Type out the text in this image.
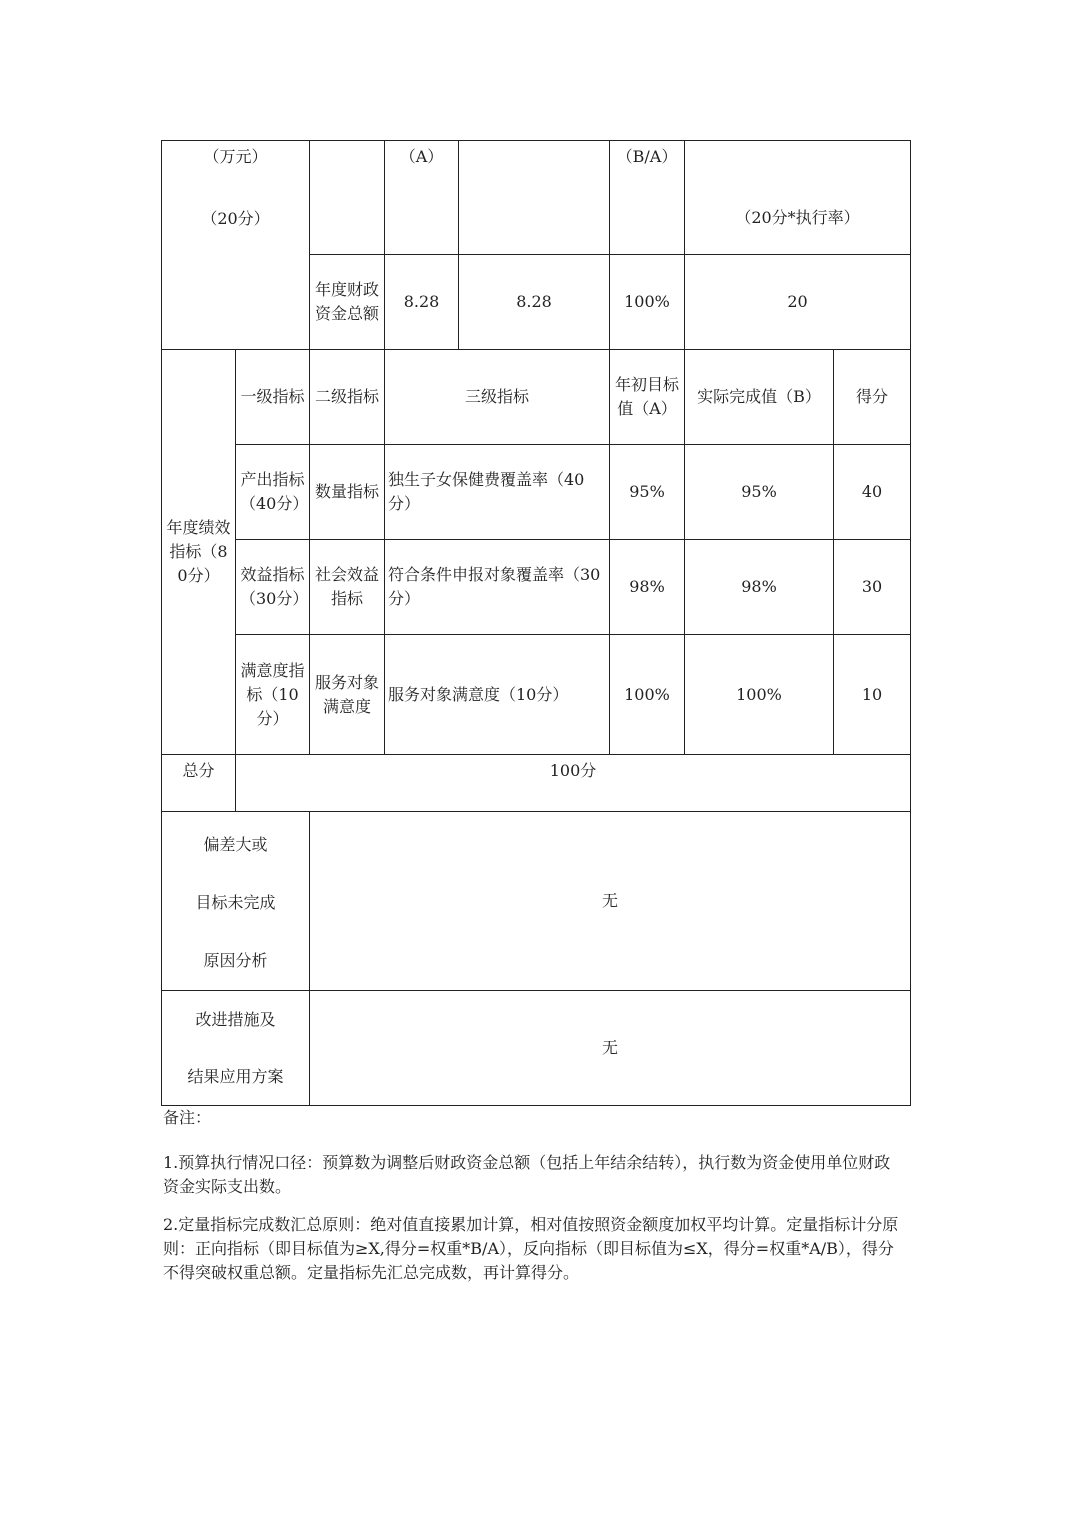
（万元）
（20分）			（A）		（B/A）	（20分*执行率）	
		年度财政资金总额	8.28	8.28	100%	20	
年度绩效指标（80分）	一级指标	二级指标	三级指标		年初目标值（A）	实际完成值（B）	得分
	产出指标（40分）	数量指标	独生子女保健费覆盖率（40分）		95%	95%	40
	效益指标（30分）	社会效益指标	符合条件申报对象覆盖率（30分）		98%	98%	30
	满意度指标（10分）	服务对象满意度	服务对象满意度（10分）		100%	100%	10
总分	100分						

偏差大或
目标未完成
原因分析		无					

改进措施及
结果应用方案		无					

备注：

1.预算执行情况口径：预算数为调整后财政资金总额（包括上年结余结转），执行数为资金使用单位财政资金实际支出数。

2.定量指标完成数汇总原则：绝对值直接累加计算，相对值按照资金额度加权平均计算。定量指标计分原则：正向指标（即目标值为≥X,得分=权重*B/A），反向指标（即目标值为≤X，得分=权重*A/B），得分不得突破权重总额。定量指标先汇总完成数，再计算得分。
